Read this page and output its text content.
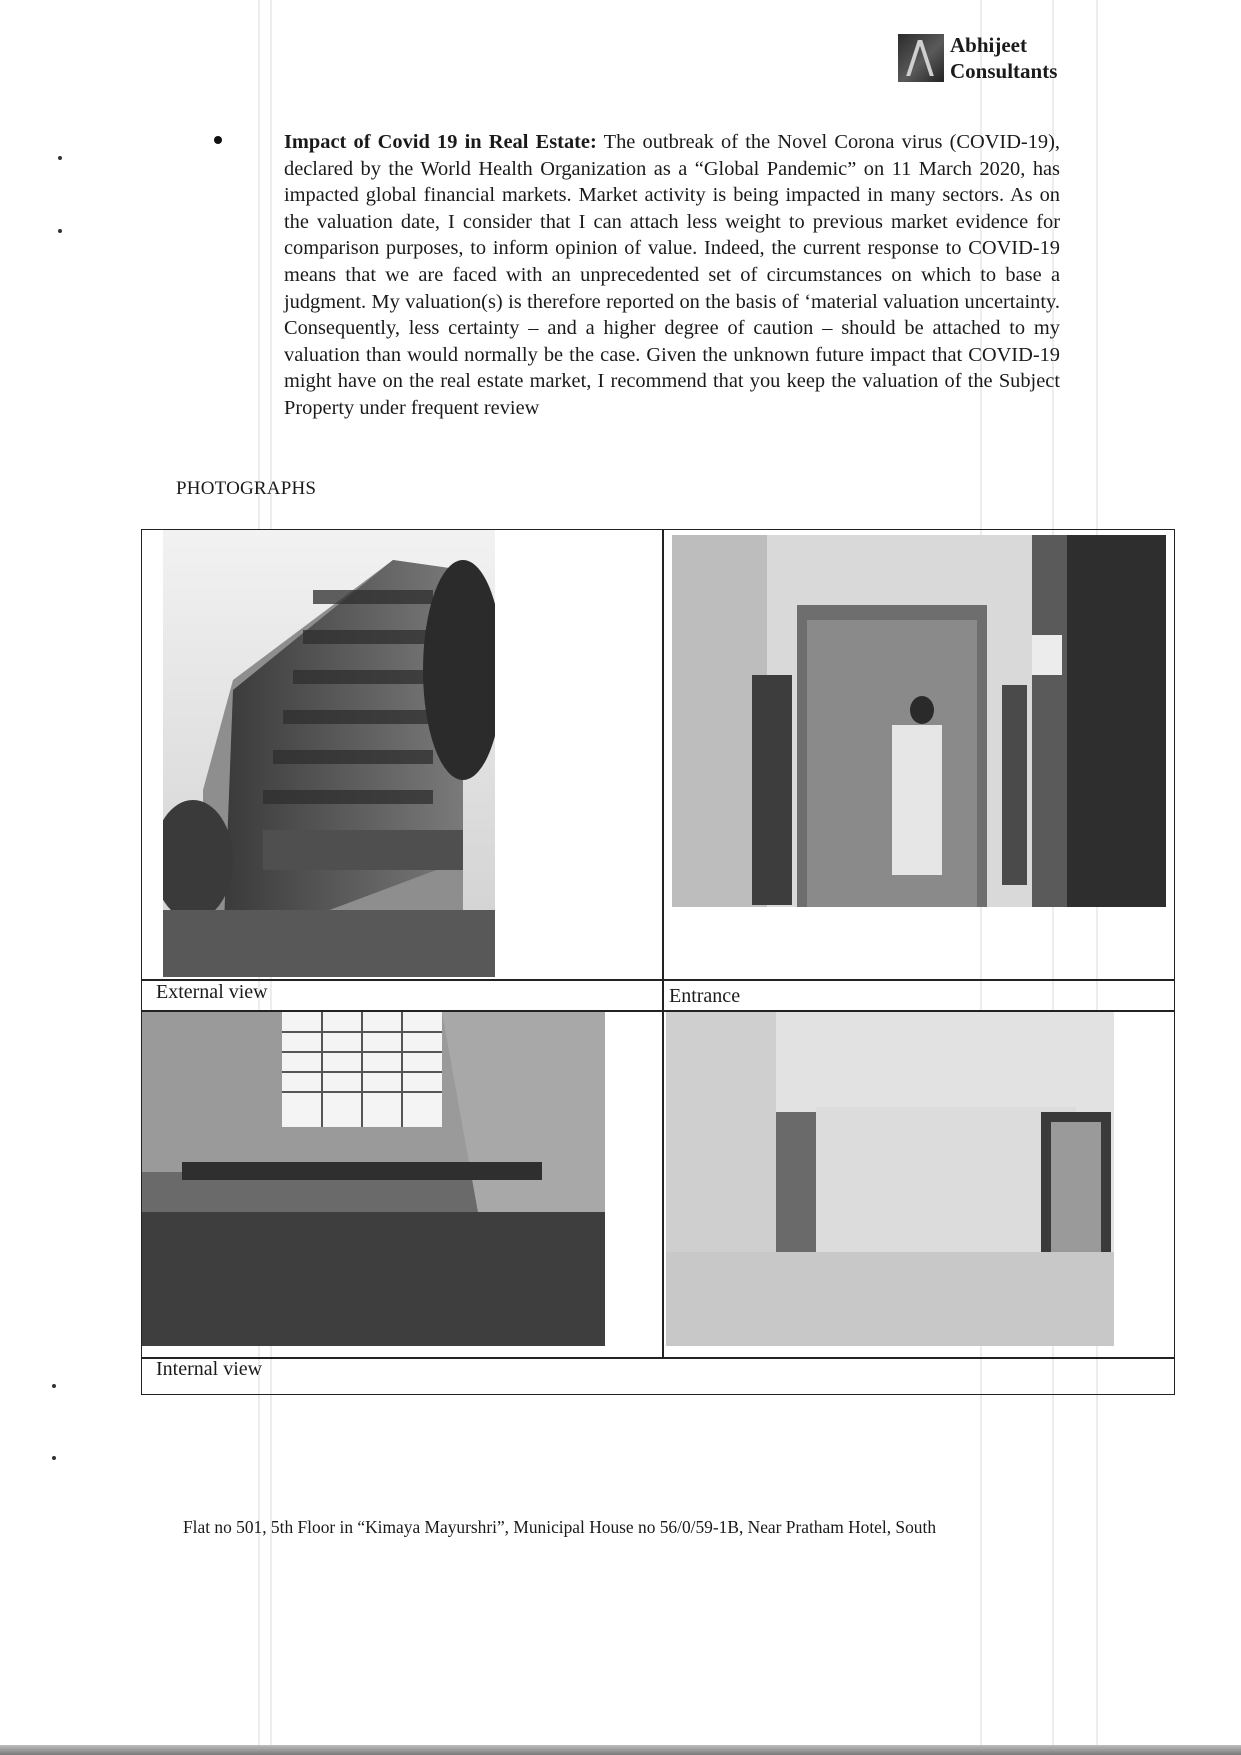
Abhijeet
Consultants
Impact of Covid 19 in Real Estate: The outbreak of the Novel Corona virus (COVID-19), declared by the World Health Organization as a “Global Pandemic” on 11 March 2020, has impacted global financial markets. Market activity is being impacted in many sectors. As on the valuation date, I consider that I can attach less weight to previous market evidence for comparison purposes, to inform opinion of value. Indeed, the current response to COVID-19 means that we are faced with an unprecedented set of circumstances on which to base a judgment. My valuation(s) is therefore reported on the basis of ‘material valuation uncertainty. Consequently, less certainty – and a higher degree of caution – should be attached to my valuation than would normally be the case. Given the unknown future impact that COVID-19 might have on the real estate market, I recommend that you keep the valuation of the Subject Property under frequent review
PHOTOGRAPHS
External view	Entrance
Internal view
Flat no 501, 5th Floor in “Kimaya Mayurshri”, Municipal House no 56/0/59-1B, Near Pratham Hotel, South
